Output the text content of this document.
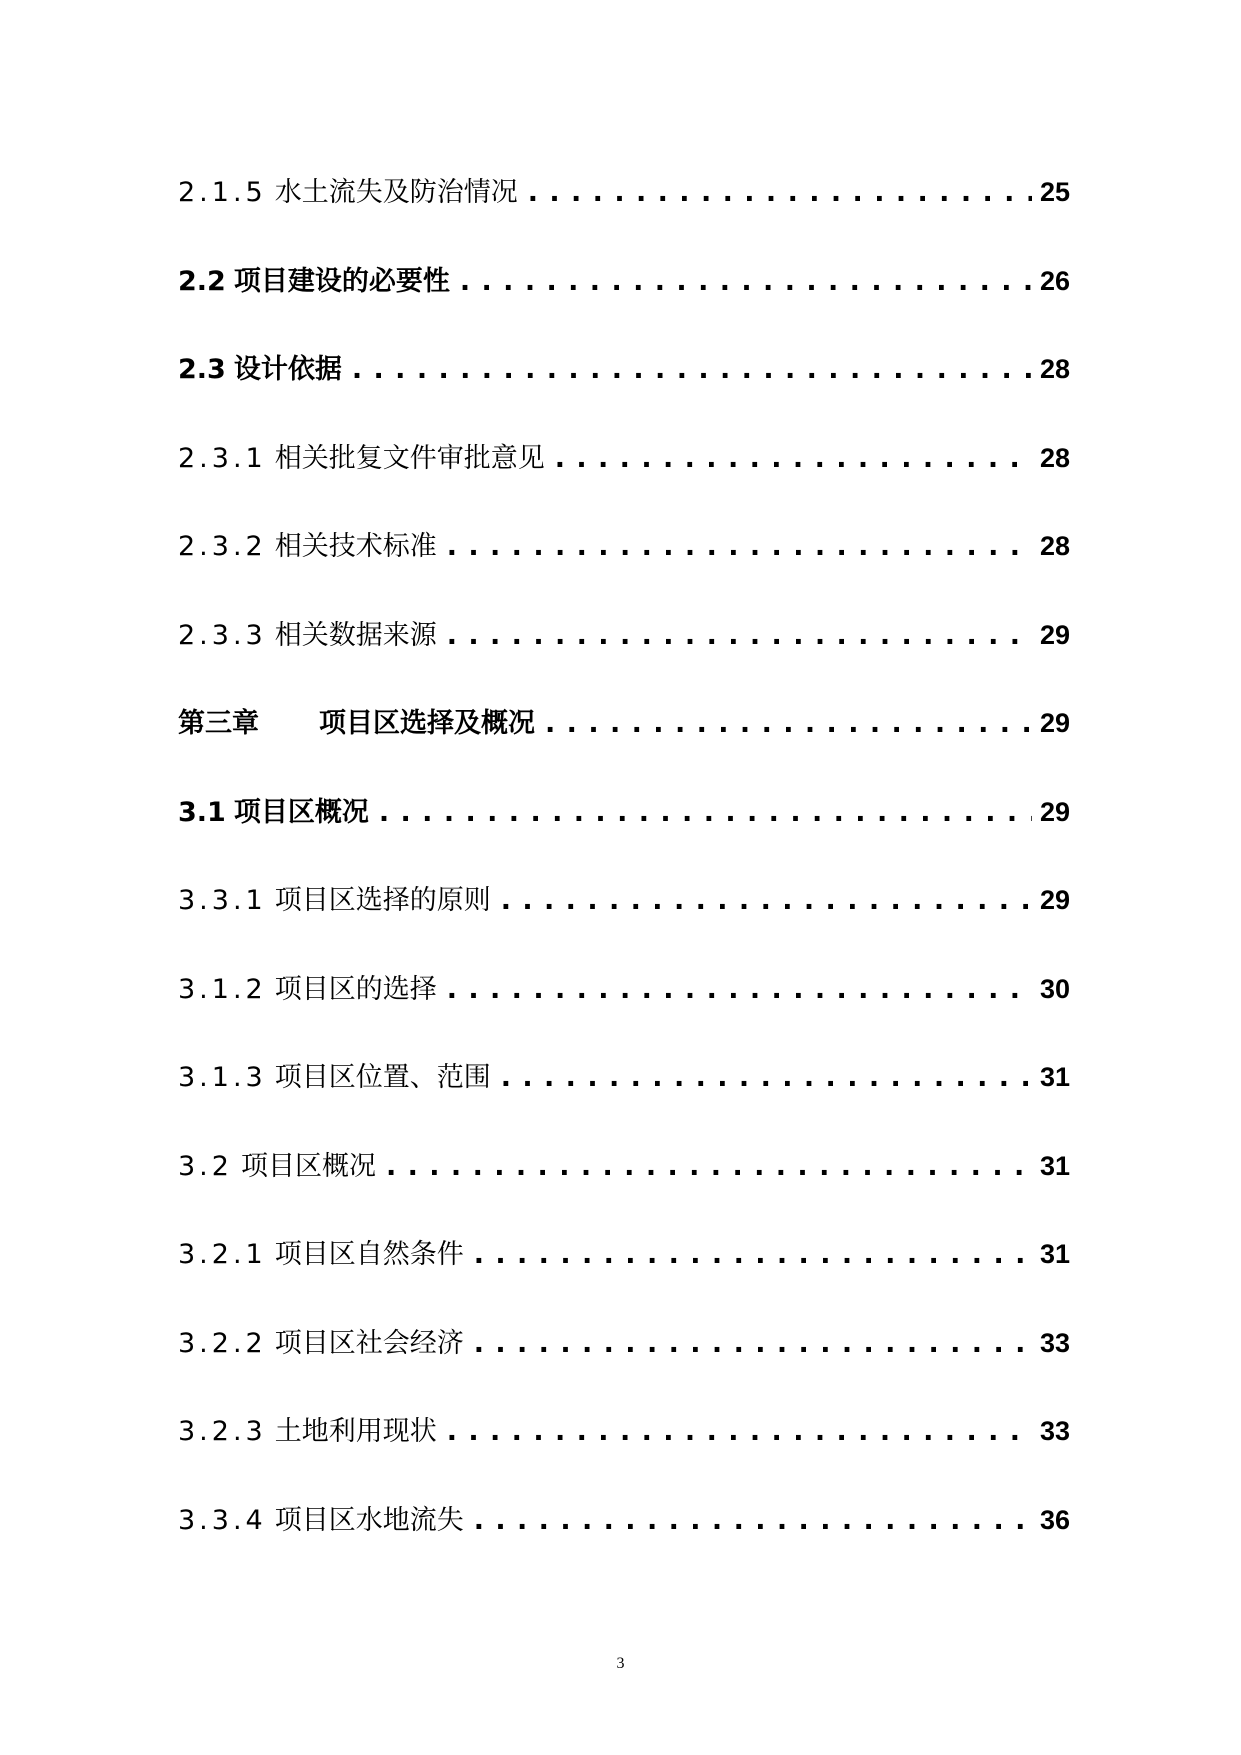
2.1.5 水土流失及防治情况 . . .	25
2.2 项目建设的必要性 . . .	26
2.3 设计依据 . . .	28
2.3.1 相关批复文件审批意见 . . .	28
2.3.2 相关技术标准 . . .	28
2.3.3 相关数据来源 . . .	29
第三章 项目区选择及概况 . . .	29
3.1 项目区概况 . . .	29
3.3.1 项目区选择的原则 . . .	29
3.1.2 项目区的选择 . . .	30
3.1.3 项目区位置、范围 . . .	31
3.2 项目区概况 . . .	31
3.2.1 项目区自然条件 . . .	31
3.2.2 项目区社会经济 . . .	33
3.2.3 土地利用现状 . . .	33
3.3.4 项目区水地流失 . . .	36
3
